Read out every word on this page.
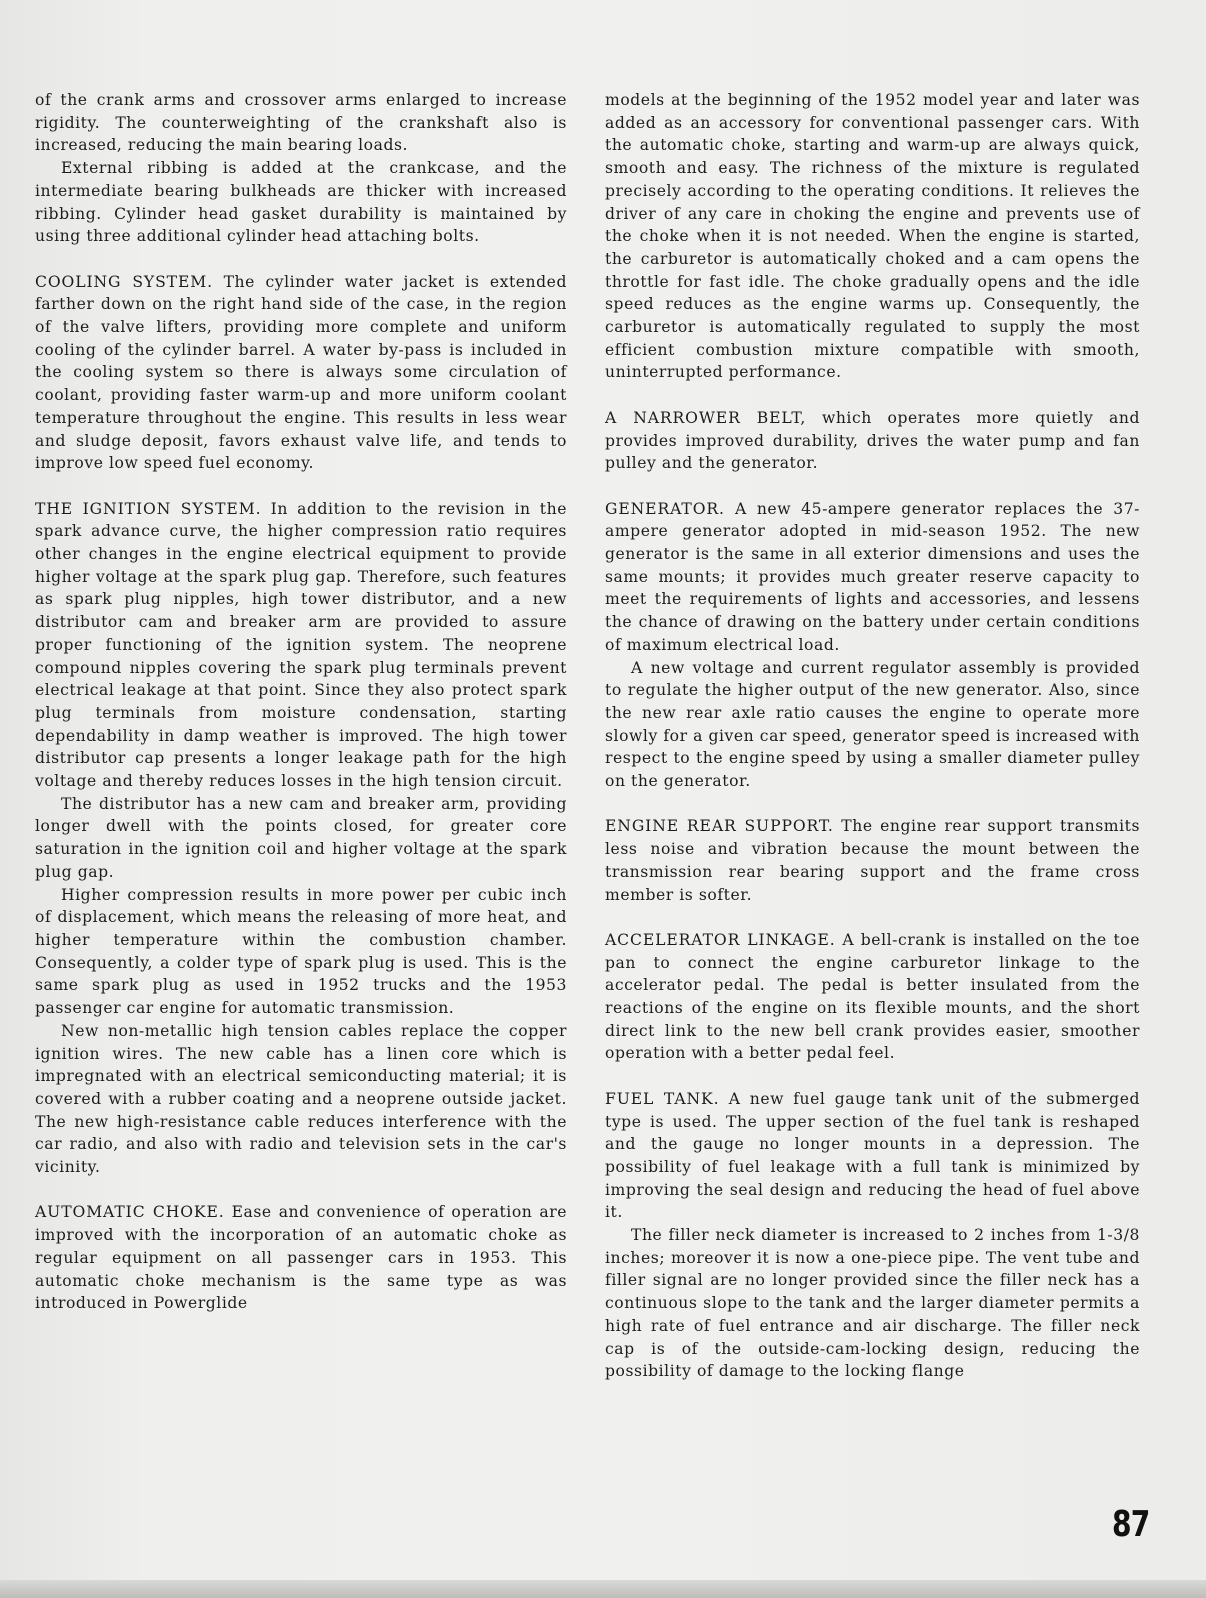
of the crank arms and crossover arms enlarged to increase rigidity. The counterweighting of the crankshaft also is increased, reducing the main bearing loads.

External ribbing is added at the crankcase, and the intermediate bearing bulkheads are thicker with increased ribbing. Cylinder head gasket durability is maintained by using three additional cylinder head attaching bolts.

COOLING SYSTEM. The cylinder water jacket is extended farther down on the right hand side of the case, in the region of the valve lifters, providing more complete and uniform cooling of the cylinder barrel. A water by-pass is included in the cooling system so there is always some circulation of coolant, providing faster warm-up and more uniform coolant temperature throughout the engine. This results in less wear and sludge deposit, favors exhaust valve life, and tends to improve low speed fuel economy.

THE IGNITION SYSTEM. In addition to the revision in the spark advance curve, the higher compression ratio requires other changes in the engine electrical equipment to provide higher voltage at the spark plug gap. Therefore, such features as spark plug nipples, high tower distributor, and a new distributor cam and breaker arm are provided to assure proper functioning of the ignition system. The neoprene compound nipples covering the spark plug terminals prevent electrical leakage at that point. Since they also protect spark plug terminals from moisture condensation, starting dependability in damp weather is improved. The high tower distributor cap presents a longer leakage path for the high voltage and thereby reduces losses in the high tension circuit.

The distributor has a new cam and breaker arm, providing longer dwell with the points closed, for greater core saturation in the ignition coil and higher voltage at the spark plug gap.

Higher compression results in more power per cubic inch of displacement, which means the releasing of more heat, and higher temperature within the combustion chamber. Consequently, a colder type of spark plug is used. This is the same spark plug as used in 1952 trucks and the 1953 passenger car engine for automatic transmission.

New non-metallic high tension cables replace the copper ignition wires. The new cable has a linen core which is impregnated with an electrical semiconducting material; it is covered with a rubber coating and a neoprene outside jacket. The new high-resistance cable reduces interference with the car radio, and also with radio and television sets in the car's vicinity.

AUTOMATIC CHOKE. Ease and convenience of operation are improved with the incorporation of an automatic choke as regular equipment on all passenger cars in 1953. This automatic choke mechanism is the same type as was introduced in Powerglide

models at the beginning of the 1952 model year and later was added as an accessory for conventional passenger cars. With the automatic choke, starting and warm-up are always quick, smooth and easy. The richness of the mixture is regulated precisely according to the operating conditions. It relieves the driver of any care in choking the engine and prevents use of the choke when it is not needed. When the engine is started, the carburetor is automatically choked and a cam opens the throttle for fast idle. The choke gradually opens and the idle speed reduces as the engine warms up. Consequently, the carburetor is automatically regulated to supply the most efficient combustion mixture compatible with smooth, uninterrupted performance.

A NARROWER BELT, which operates more quietly and provides improved durability, drives the water pump and fan pulley and the generator.

GENERATOR. A new 45-ampere generator replaces the 37-ampere generator adopted in mid-season 1952. The new generator is the same in all exterior dimensions and uses the same mounts; it provides much greater reserve capacity to meet the requirements of lights and accessories, and lessens the chance of drawing on the battery under certain conditions of maximum electrical load.

A new voltage and current regulator assembly is provided to regulate the higher output of the new generator. Also, since the new rear axle ratio causes the engine to operate more slowly for a given car speed, generator speed is increased with respect to the engine speed by using a smaller diameter pulley on the generator.

ENGINE REAR SUPPORT. The engine rear support transmits less noise and vibration because the mount between the transmission rear bearing support and the frame cross member is softer.

ACCELERATOR LINKAGE. A bell-crank is installed on the toe pan to connect the engine carburetor linkage to the accelerator pedal. The pedal is better insulated from the reactions of the engine on its flexible mounts, and the short direct link to the new bell crank provides easier, smoother operation with a better pedal feel.

FUEL TANK. A new fuel gauge tank unit of the submerged type is used. The upper section of the fuel tank is reshaped and the gauge no longer mounts in a depression. The possibility of fuel leakage with a full tank is minimized by improving the seal design and reducing the head of fuel above it.

The filler neck diameter is increased to 2 inches from 1-3/8 inches; moreover it is now a one-piece pipe. The vent tube and filler signal are no longer provided since the filler neck has a continuous slope to the tank and the larger diameter permits a high rate of fuel entrance and air discharge. The filler neck cap is of the outside-cam-locking design, reducing the possibility of damage to the locking flange

87
